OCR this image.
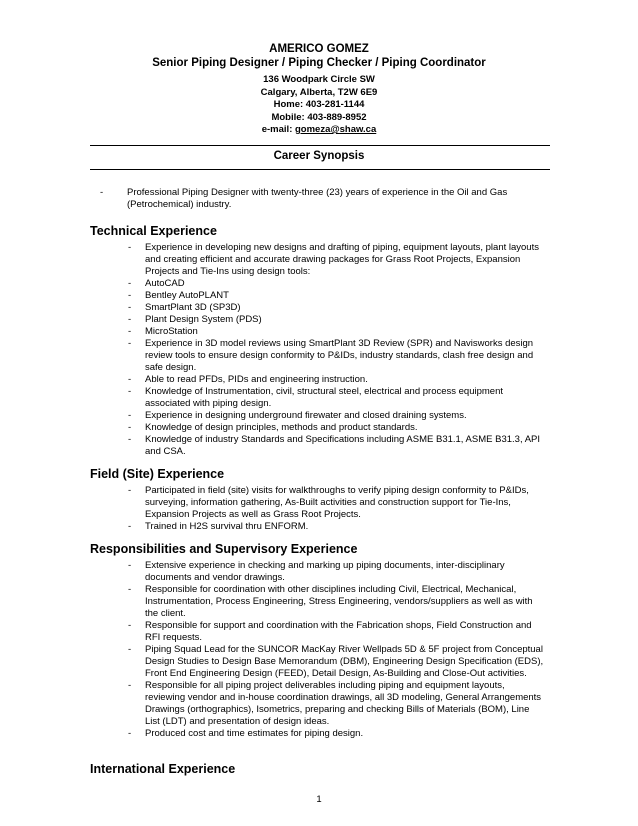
AMERICO GOMEZ
Senior Piping Designer / Piping Checker / Piping Coordinator
136 Woodpark Circle SW
Calgary, Alberta, T2W 6E9
Home: 403-281-1144
Mobile: 403-889-8952
e-mail: gomeza@shaw.ca
Career Synopsis
-	Professional Piping Designer with twenty-three (23) years of experience in the Oil and Gas (Petrochemical) industry.
Technical Experience
- Experience in developing new designs and drafting of piping, equipment layouts, plant layouts and creating efficient and accurate drawing packages for Grass Root Projects, Expansion Projects and Tie-Ins using design tools:
- AutoCAD
- Bentley AutoPLANT
- SmartPlant 3D (SP3D)
- Plant Design System (PDS)
- MicroStation
- Experience in 3D model reviews using SmartPlant 3D Review (SPR) and Navisworks design review tools to ensure design conformity to P&IDs, industry standards, clash free design and safe design.
- Able to read PFDs, PIDs and engineering instruction.
- Knowledge of Instrumentation, civil, structural steel, electrical and process equipment associated with piping design.
- Experience in designing underground firewater and closed draining systems.
- Knowledge of design principles, methods and product standards.
- Knowledge of industry Standards and Specifications including ASME B31.1, ASME B31.3, API and CSA.
Field (Site) Experience
- Participated in field (site) visits for walkthroughs to verify piping design conformity to P&IDs, surveying, information gathering, As-Built activities and construction support for Tie-Ins, Expansion Projects as well as Grass Root Projects.
- Trained in H2S survival thru ENFORM.
Responsibilities and Supervisory Experience
- Extensive experience in checking and marking up piping documents, inter-disciplinary documents and vendor drawings.
- Responsible for coordination with other disciplines including Civil, Electrical, Mechanical, Instrumentation, Process Engineering, Stress Engineering, vendors/suppliers as well as with the client.
- Responsible for support and coordination with the Fabrication shops, Field Construction and RFI requests.
- Piping Squad Lead for the SUNCOR MacKay River Wellpads 5D & 5F project from Conceptual Design Studies to Design Base Memorandum (DBM), Engineering Design Specification (EDS), Front End Engineering Design (FEED), Detail Design, As-Building and Close-Out activities.
- Responsible for all piping project deliverables including piping and equipment layouts, reviewing vendor and in-house coordination drawings, all 3D modeling, General Arrangements Drawings (orthographics), Isometrics, preparing and checking Bills of Materials (BOM), Line List (LDT) and presentation of design ideas.
- Produced cost and time estimates for piping design.
International Experience
1
